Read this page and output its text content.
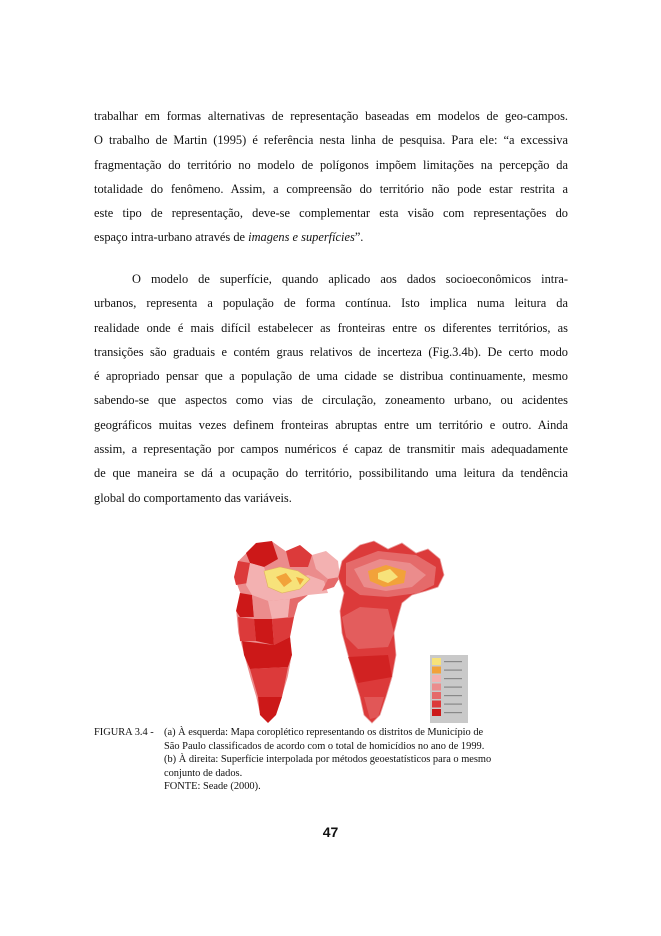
trabalhar em formas alternativas de representação baseadas em modelos de geo-campos.
O trabalho de Martin (1995) é referência nesta linha de pesquisa. Para ele: “a excessiva
fragmentação do território no modelo de polígonos impõem limitações na percepção da
totalidade do fenômeno. Assim, a compreensão do território não pode estar restrita a
este tipo de representação, deve-se complementar esta visão com representações do
espaço intra-urbano através de imagens e superfícies”.
O modelo de superfície, quando aplicado aos dados socioeconômicos intra-
urbanos, representa a população de forma contínua. Isto implica numa leitura da
realidade onde é mais difícil estabelecer as fronteiras entre os diferentes territórios, as
transições são graduais e contém graus relativos de incerteza (Fig.3.4b). De certo modo
é apropriado pensar que a população de uma cidade se distribua continuamente, mesmo
sabendo-se que aspectos como vias de circulação, zoneamento urbano, ou acidentes
geográficos muitas vezes definem fronteiras abruptas entre um território e outro. Ainda
assim, a representação por campos numéricos é capaz de transmitir mais adequadamente
de que maneira se dá a ocupação do território, possibilitando uma leitura da tendência
global do comportamento das variáveis.
FIGURA 3.4 - (a) À esquerda: Mapa coroplético representando os distritos de Município de
São Paulo classificados de acordo com o total de homicídios no ano de 1999.
(b) À direita: Superfície interpolada por métodos geoestatísticos para o mesmo
conjunto de dados.
FONTE: Seade (2000).
47
